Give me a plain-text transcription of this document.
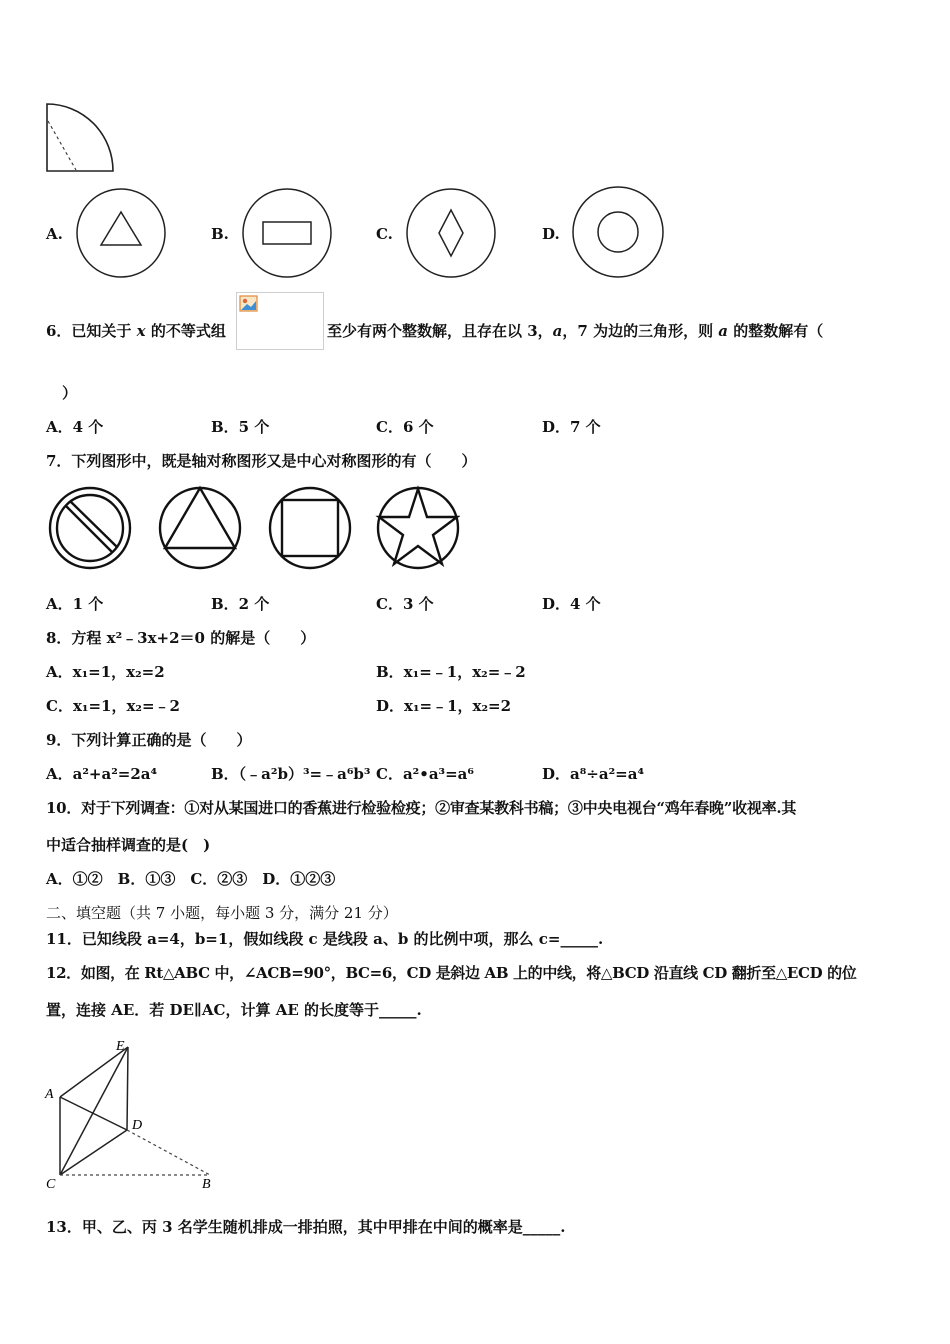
A.	B.	C.	D.
6．已知关于 x 的不等式组	至少有两个整数解，且存在以 3，a，7 为边的三角形，则 a 的整数解有（
）
A．4 个	B．5 个	C．6 个	D．7 个
7．下列图形中，既是轴对称图形又是中心对称图形的有（　　）
A．1 个	B．2 个	C．3 个	D．4 个
8．方程 x²﹣3x+2＝0 的解是（　　）
A．x₁=1，x₂=2	B．x₁=﹣1，x₂=﹣2
C．x₁=1，x₂=﹣2	D．x₁=﹣1，x₂=2
9．下列计算正确的是（　　）
A．a²+a²=2a⁴	B．（﹣a²b）³=﹣a⁶b³ C．a²•a³=a⁶	D．a⁸÷a²=a⁴
10．对于下列调查：①对从某国进口的香蕉进行检验检疫；②审查某教科书稿；③中央电视台“鸡年春晚”收视率.其
中适合抽样调查的是(　)
A．①②　B．①③　C．②③　D．①②③
二、填空题（共 7 小题，每小题 3 分，满分 21 分）
11．已知线段 a=4，b=1，假如线段 c 是线段 a、b 的比例中项，那么 c=_____.
12．如图，在 Rt△ABC 中，∠ACB=90°，BC=6，CD 是斜边 AB 上的中线，将△BCD 沿直线 CD 翻折至△ECD 的位
置，连接 AE．若 DE∥AC，计算 AE 的长度等于_____.
E
A
D
C	B
13．甲、乙、丙 3 名学生随机排成一排拍照，其中甲排在中间的概率是_____.
